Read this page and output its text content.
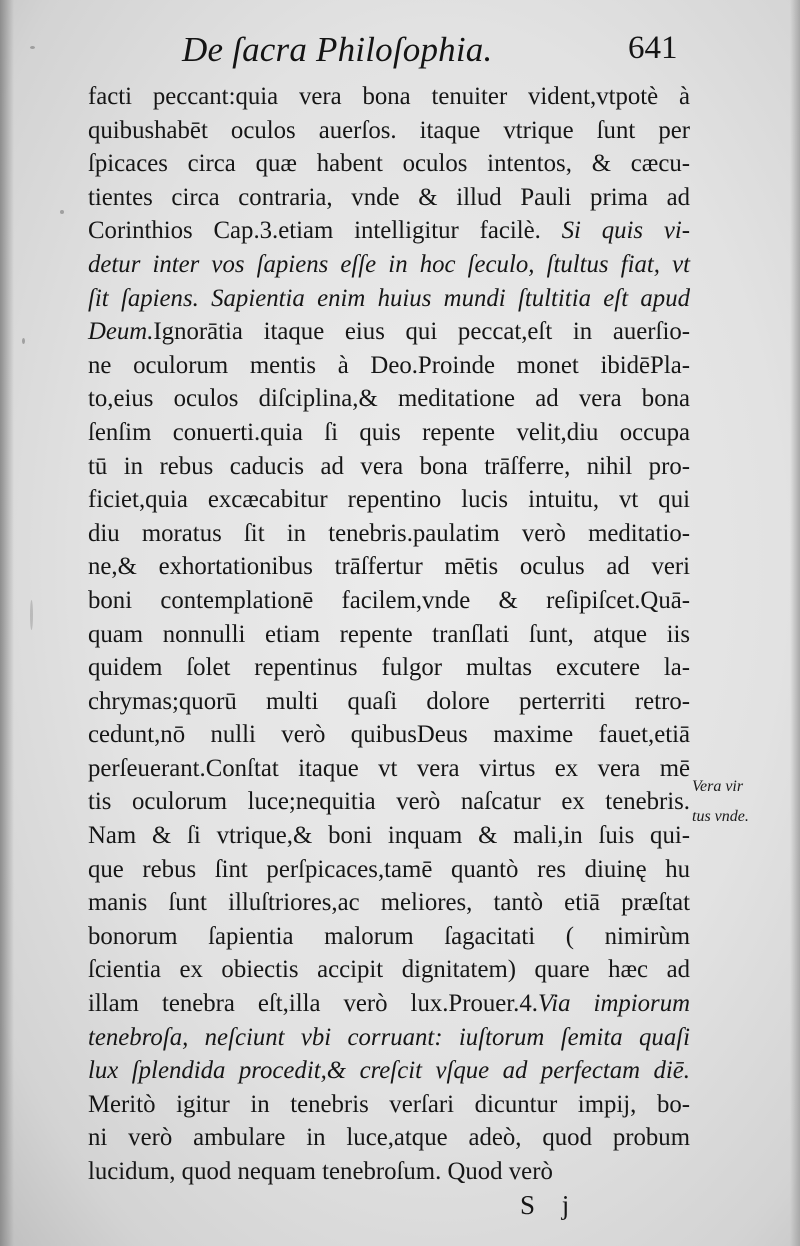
De ſacra Philoſophia.	641
facti peccant:quia vera bona tenuiter vident,vtpotè à
quibushabēt oculos auerſos. itaque vtrique ſunt per
ſpicaces circa quæ habent oculos intentos, & cæcu-
tientes circa contraria, vnde & illud Pauli prima ad
Corinthios Cap.3.etiam intelligitur facilè. Si quis vi-
detur inter vos ſapiens eſſe in hoc ſeculo, ſtultus fiat, vt
ſit ſapiens. Sapientia enim huius mundi ſtultitia eſt apud
Deum.Ignorātia itaque eius qui peccat,eſt in auerſio-
ne oculorum mentis à Deo.Proinde monet ibidēPla-
to,eius oculos diſciplina,& meditatione ad vera bona
ſenſim conuerti.quia ſi quis repente velit,diu occupa
tū in rebus caducis ad vera bona trāſferre, nihil pro-
ficiet,quia excæcabitur repentino lucis intuitu, vt qui
diu moratus ſit in tenebris.paulatim verò meditatio-
ne,& exhortationibus trāſfertur mētis oculus ad veri
boni contemplationē facilem,vnde & reſipiſcet.Quā-
quam nonnulli etiam repente tranſlati ſunt, atque iis
quidem ſolet repentinus fulgor multas excutere la-
chrymas;quorū multi quaſi dolore perterriti retro-
cedunt,nō nulli verò quibusDeus maxime fauet,etiā
perſeuerant.Conſtat itaque vt vera virtus ex vera mē
tis oculorum luce;nequitia verò naſcatur ex tenebris.
Nam & ſi vtrique,& boni inquam & mali,in ſuis qui-
que rebus ſint perſpicaces,tamē quantò res diuinę hu
manis ſunt illuſtriores,ac meliores, tantò etiā præſtat
bonorum ſapientia malorum ſagacitati ( nimirùm
ſcientia ex obiectis accipit dignitatem) quare hæc ad
illam tenebra eſt,illa verò lux.Prouer.4.Via impiorum
tenebroſa, neſciunt vbi corruant: iuſtorum ſemita quaſi
lux ſplendida procedit,& creſcit vſque ad perfectam diē.
Meritò igitur in tenebris verſari dicuntur impij, bo-
ni verò ambulare in luce,atque adeò, quod probum
lucidum, quod nequam tenebroſum. Quod verò
Vera vir
tus vnde.
S j
